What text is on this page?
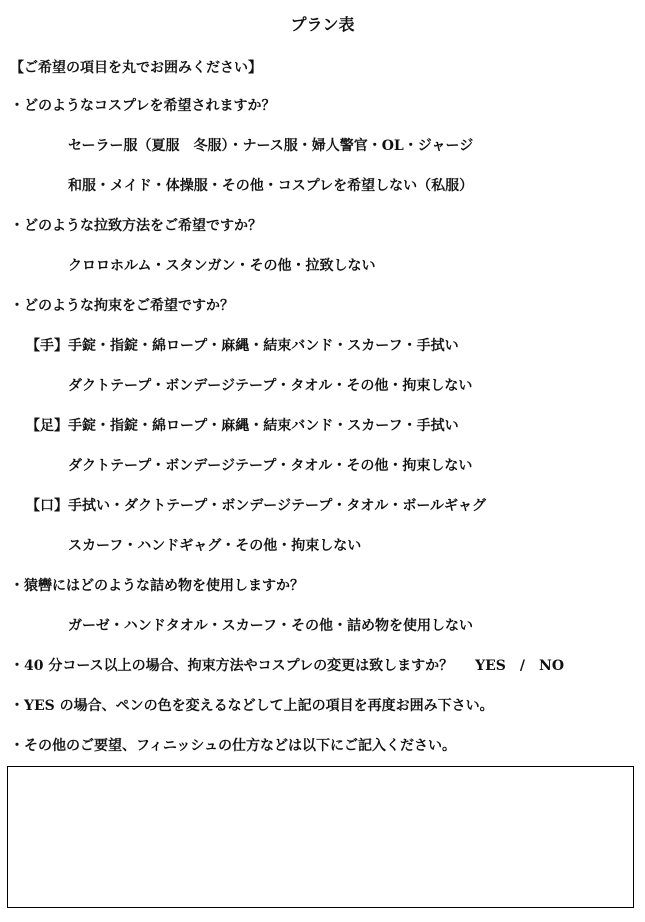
プラン表
【ご希望の項目を丸でお囲みください】
・どのようなコスプレを希望されますか？
セーラー服（夏服　冬服）・ナース服・婦人警官・OL・ジャージ
和服・メイド・体操服・その他・コスプレを希望しない（私服）
・どのような拉致方法をご希望ですか？
クロロホルム・スタンガン・その他・拉致しない
・どのような拘束をご希望ですか？
【手】手錠・指錠・綿ロープ・麻縄・結束バンド・スカーフ・手拭い
ダクトテープ・ボンデージテープ・タオル・その他・拘束しない
【足】手錠・指錠・綿ロープ・麻縄・結束バンド・スカーフ・手拭い
ダクトテープ・ボンデージテープ・タオル・その他・拘束しない
【口】手拭い・ダクトテープ・ボンデージテープ・タオル・ボールギャグ
スカーフ・ハンドギャグ・その他・拘束しない
・猿轡にはどのような詰め物を使用しますか？
ガーゼ・ハンドタオル・スカーフ・その他・詰め物を使用しない
・40 分コース以上の場合、拘束方法やコスプレの変更は致しますか？ YES / NO
・YES の場合、ペンの色を変えるなどして上記の項目を再度お囲み下さい。
・その他のご要望、フィニッシュの仕方などは以下にご記入ください。
